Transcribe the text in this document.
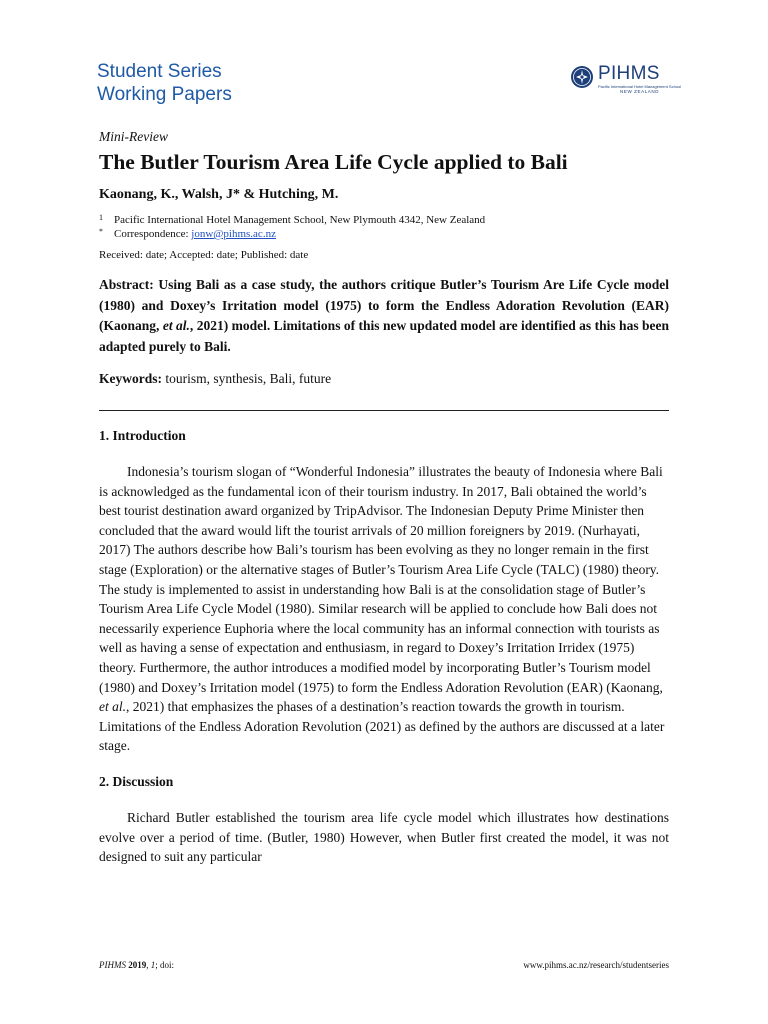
Student Series
Working Papers
PIHMS
Pacific International Hotel Management School
NEW ZEALAND
Mini-Review
The Butler Tourism Area Life Cycle applied to Bali
Kaonang, K., Walsh, J* & Hutching, M.
1 Pacific International Hotel Management School, New Plymouth 4342, New Zealand
* Correspondence: jonw@pihms.ac.nz
Received: date; Accepted: date; Published: date
Abstract: Using Bali as a case study, the authors critique Butler’s Tourism Are Life Cycle model (1980) and Doxey’s Irritation model (1975) to form the Endless Adoration Revolution (EAR) (Kaonang, et al., 2021) model. Limitations of this new updated model are identified as this has been adapted purely to Bali.
Keywords: tourism, synthesis, Bali, future
1. Introduction
Indonesia’s tourism slogan of “Wonderful Indonesia” illustrates the beauty of Indonesia where Bali is acknowledged as the fundamental icon of their tourism industry. In 2017, Bali obtained the world’s best tourist destination award organized by TripAdvisor. The Indonesian Deputy Prime Minister then concluded that the award would lift the tourist arrivals of 20 million foreigners by 2019. (Nurhayati, 2017) The authors describe how Bali’s tourism has been evolving as they no longer remain in the first stage (Exploration) or the alternative stages of Butler’s Tourism Area Life Cycle (TALC) (1980) theory. The study is implemented to assist in understanding how Bali is at the consolidation stage of Butler’s Tourism Area Life Cycle Model (1980). Similar research will be applied to conclude how Bali does not necessarily experience Euphoria where the local community has an informal connection with tourists as well as having a sense of expectation and enthusiasm, in regard to Doxey’s Irritation Irridex (1975) theory. Furthermore, the author introduces a modified model by incorporating Butler’s Tourism model (1980) and Doxey’s Irritation model (1975) to form the Endless Adoration Revolution (EAR) (Kaonang, et al., 2021) that emphasizes the phases of a destination’s reaction towards the growth in tourism. Limitations of the Endless Adoration Revolution (2021) as defined by the authors are discussed at a later stage.
2. Discussion
Richard Butler established the tourism area life cycle model which illustrates how destinations evolve over a period of time. (Butler, 1980) However, when Butler first created the model, it was not designed to suit any particular
PIHMS 2019, 1; doi:	www.pihms.ac.nz/research/studentseries
